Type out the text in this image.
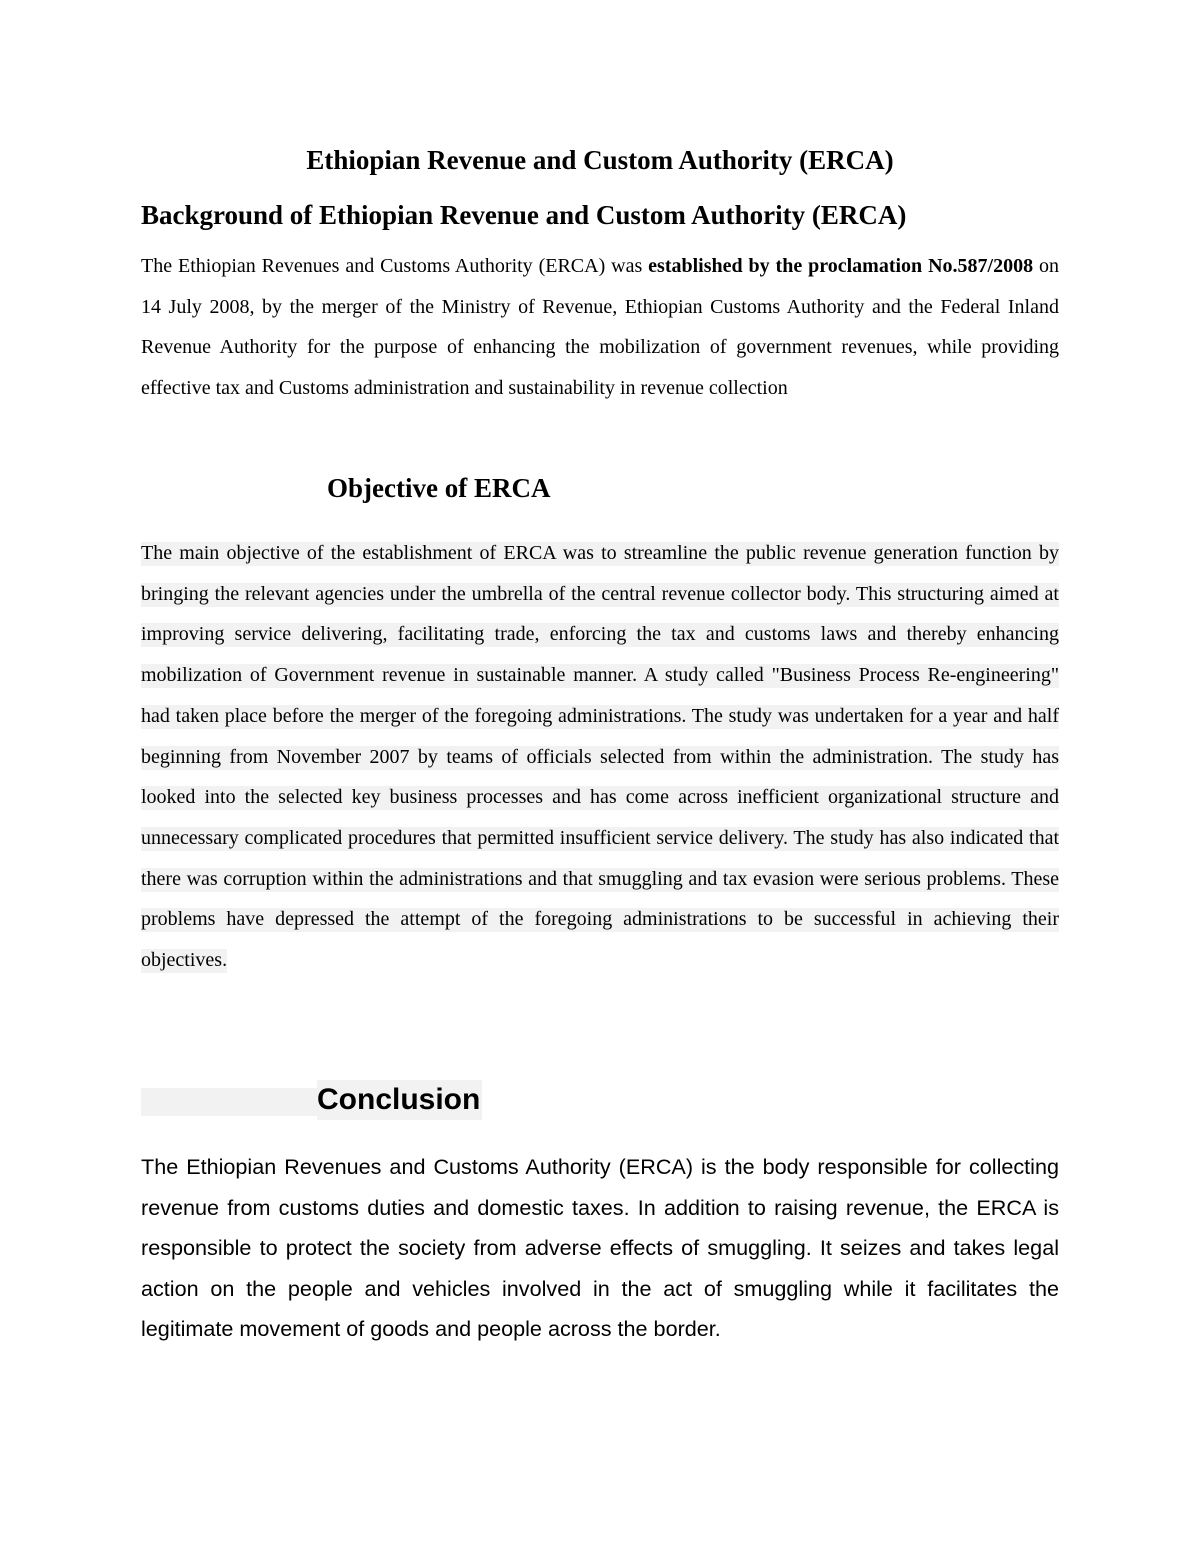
Ethiopian Revenue and Custom Authority (ERCA)
Background of Ethiopian Revenue and Custom Authority (ERCA)

The Ethiopian Revenues and Customs Authority (ERCA) was established by the proclamation No.587/2008 on 14 July 2008, by the merger of the Ministry of Revenue, Ethiopian Customs Authority and the Federal Inland Revenue Authority for the purpose of enhancing the mobilization of government revenues, while providing effective tax and Customs administration and sustainability in revenue collection

Objective of ERCA

The main objective of the establishment of ERCA was to streamline the public revenue generation function by bringing the relevant agencies under the umbrella of the central revenue collector body. This structuring aimed at improving service delivering, facilitating trade, enforcing the tax and customs laws and thereby enhancing mobilization of Government revenue in sustainable manner. A study called "Business Process Re-engineering" had taken place before the merger of the foregoing administrations. The study was undertaken for a year and half beginning from November 2007 by teams of officials selected from within the administration. The study has looked into the selected key business processes and has come across inefficient organizational structure and unnecessary complicated procedures that permitted insufficient service delivery. The study has also indicated that there was corruption within the administrations and that smuggling and tax evasion were serious problems. These problems have depressed the attempt of the foregoing administrations to be successful in achieving their objectives.

Conclusion

The Ethiopian Revenues and Customs Authority (ERCA) is the body responsible for collecting revenue from customs duties and domestic taxes. In addition to raising revenue, the ERCA is responsible to protect the society from adverse effects of smuggling. It seizes and takes legal action on the people and vehicles involved in the act of smuggling while it facilitates the legitimate movement of goods and people across the border.
